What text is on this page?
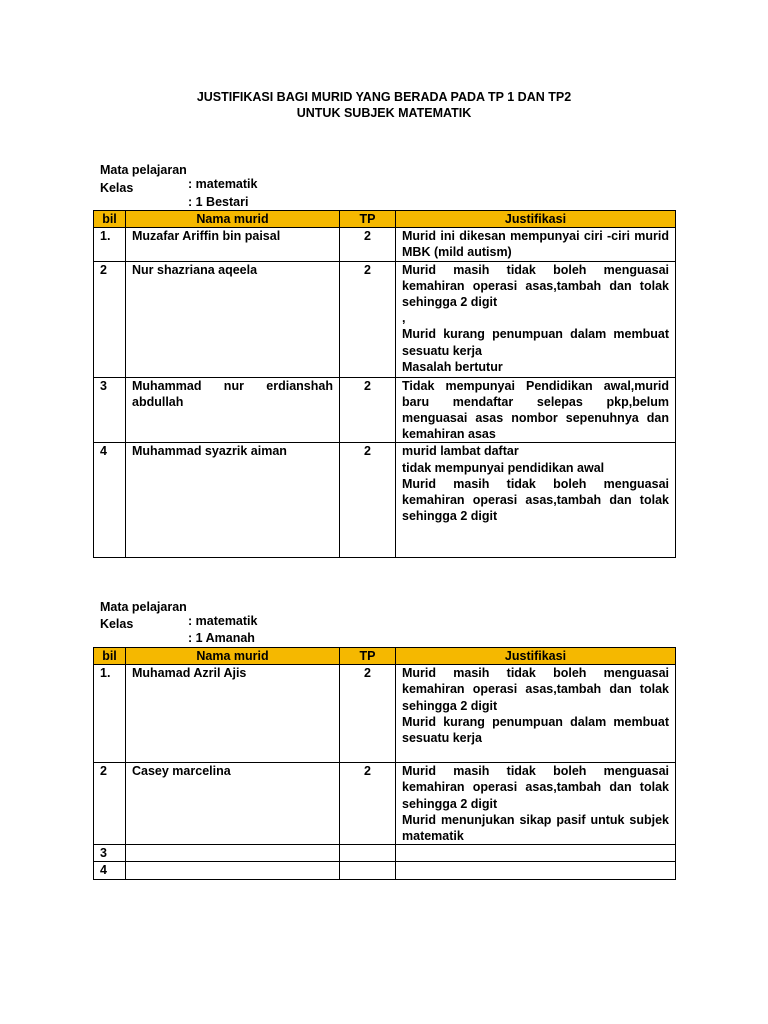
JUSTIFIKASI BAGI MURID YANG BERADA PADA TP 1 DAN TP2
UNTUK SUBJEK MATEMATIK

Mata pelajaran

: matematik

Kelas

: 1 Bestari

bil	Nama murid	TP	Justifikasi
1.	Muzafar Ariffin bin paisal	2	Murid ini dikesan mempunyai ciri -ciri murid MBK (mild autism)

2	Nur shazriana aqeela	2	Murid masih tidak boleh menguasai kemahiran operasi asas,tambah dan tolak sehingga 2 digit
,
Murid kurang penumpuan dalam membuat sesuatu kerja
Masalah bertutur

3	Muhammad nur erdianshah abdullah	2	Tidak mempunyai Pendidikan awal,murid baru mendaftar selepas pkp,belum menguasai asas nombor sepenuhnya dan kemahiran asas

4	Muhammad syazrik aiman	2	murid lambat daftar
tidak mempunyai pendidikan awal
Murid masih tidak boleh menguasai kemahiran operasi asas,tambah dan tolak sehingga 2 digit

Mata pelajaran

: matematik

Kelas

: 1 Amanah

bil	Nama murid	TP	Justifikasi
1.	Muhamad Azril Ajis	2	Murid masih tidak boleh menguasai kemahiran operasi asas,tambah dan tolak sehingga 2 digit
Murid kurang penumpuan dalam membuat sesuatu kerja

2	Casey marcelina	2	Murid masih tidak boleh menguasai kemahiran operasi asas,tambah dan tolak sehingga 2 digit
Murid menunjukan sikap pasif untuk subjek matematik

3			
4			
